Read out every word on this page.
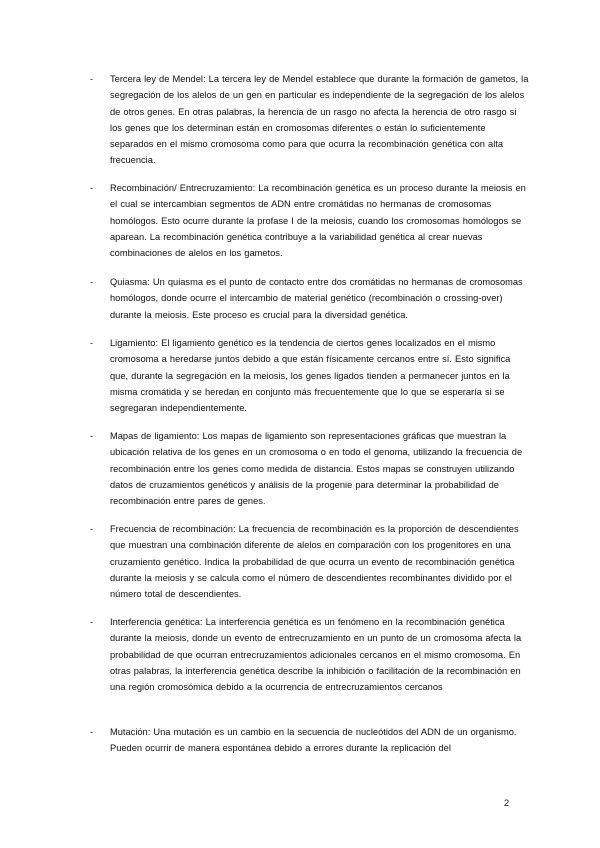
-	Tercera ley de Mendel: La tercera ley de Mendel establece que durante la formación de gametos, la segregación de los alelos de un gen en particular es independiente de la segregación de los alelos de otros genes. En otras palabras, la herencia de un rasgo no afecta la herencia de otro rasgo si los genes que los determinan están en cromosomas diferentes o están lo suficientemente separados en el mismo cromosoma como para que ocurra la recombinación genética con alta frecuencia.
-	Recombinación/ Entrecruzamiento: La recombinación genética es un proceso durante la meiosis en el cual se intercambian segmentos de ADN entre cromátidas no hermanas de cromosomas homólogos. Esto ocurre durante la profase I de la meiosis, cuando los cromosomas homólogos se aparean. La recombinación genética contribuye a la variabilidad genética al crear nuevas combinaciones de alelos en los gametos.
-	Quiasma: Un quiasma es el punto de contacto entre dos cromátidas no hermanas de cromosomas homólogos, donde ocurre el intercambio de material genético (recombinación o crossing-over) durante la meiosis. Este proceso es crucial para la diversidad genética.
-	Ligamiento: El ligamiento genético es la tendencia de ciertos genes localizados en el mismo cromosoma a heredarse juntos debido a que están físicamente cercanos entre sí. Esto significa que, durante la segregación en la meiosis, los genes ligados tienden a permanecer juntos en la misma cromátida y se heredan en conjunto más frecuentemente que lo que se esperaría si se segregaran independientemente.
-	Mapas de ligamiento: Los mapas de ligamiento son representaciones gráficas que muestran la ubicación relativa de los genes en un cromosoma o en todo el genoma, utilizando la frecuencia de recombinación entre los genes como medida de distancia. Estos mapas se construyen utilizando datos de cruzamientos genéticos y análisis de la progenie para determinar la probabilidad de recombinación entre pares de genes.
-	Frecuencia de recombinación: La frecuencia de recombinación es la proporción de descendientes que muestran una combinación diferente de alelos en comparación con los progenitores en una cruzamiento genético. Indica la probabilidad de que ocurra un evento de recombinación genética durante la meiosis y se calcula como el número de descendientes recombinantes dividido por el número total de descendientes.
-	Interferencia genética: La interferencia genética es un fenómeno en la recombinación genética durante la meiosis, donde un evento de entrecruzamiento en un punto de un cromosoma afecta la probabilidad de que ocurran entrecruzamientos adicionales cercanos en el mismo cromosoma. En otras palabras, la interferencia genética describe la inhibición o facilitación de la recombinación en una región cromosómica debido a la ocurrencia de entrecruzamientos cercanos
-	Mutación: Una mutación es un cambio en la secuencia de nucleótidos del ADN de un organismo. Pueden ocurrir de manera espontánea debido a errores durante la replicación del
2
